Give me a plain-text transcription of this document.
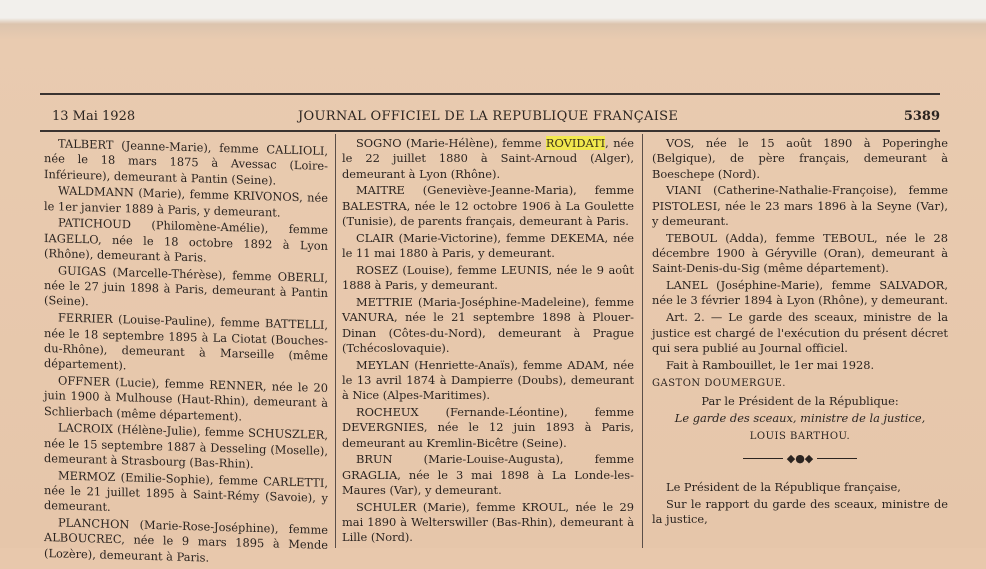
13 Mai 1928	JOURNAL OFFICIEL DE LA REPUBLIQUE FRANÇAISE	5389

TALBERT (Jeanne-Marie), femme CALLIOLI, née le 18 mars 1875 à Avessac (Loire-Inférieure), demeurant à Pantin (Seine).

WALDMANN (Marie), femme KRIVONOS, née le 1er janvier 1889 à Paris, y demeurant.

PATICHOUD (Philomène-Amélie), femme IAGELLO, née le 18 octobre 1892 à Lyon (Rhône), demeurant à Paris.

GUIGAS (Marcelle-Thérèse), femme OBERLI, née le 27 juin 1898 à Paris, demeurant à Pantin (Seine).

FERRIER (Louise-Pauline), femme BATTELLI, née le 18 septembre 1895 à La Ciotat (Bouches-du-Rhône), demeurant à Marseille (même département).

OFFNER (Lucie), femme RENNER, née le 20 juin 1900 à Mulhouse (Haut-Rhin), demeurant à Schlierbach (même département).

LACROIX (Hélène-Julie), femme SCHUSZLER, née le 15 septembre 1887 à Desseling (Moselle), demeurant à Strasbourg (Bas-Rhin).

MERMOZ (Emilie-Sophie), femme CARLETTI, née le 21 juillet 1895 à Saint-Rémy (Savoie), y demeurant.

PLANCHON (Marie-Rose-Joséphine), femme ALBOUCREC, née le 9 mars 1895 à Mende (Lozère), demeurant à Paris.

SOGNO (Marie-Hélène), femme ROVIDATI, née le 22 juillet 1880 à Saint-Arnoud (Alger), demeurant à Lyon (Rhône).

MAITRE (Geneviève-Jeanne-Maria), femme BALESTRA, née le 12 octobre 1906 à La Goulette (Tunisie), de parents français, demeurant à Paris.

CLAIR (Marie-Victorine), femme DEKEMA, née le 11 mai 1880 à Paris, y demeurant.

ROSEZ (Louise), femme LEUNIS, née le 9 août 1888 à Paris, y demeurant.

METTRIE (Maria-Joséphine-Madeleine), femme VANURA, née le 21 septembre 1898 à Plouer-Dinan (Côtes-du-Nord), demeurant à Prague (Tchécoslovaquie).

MEYLAN (Henriette-Anaïs), femme ADAM, née le 13 avril 1874 à Dampierre (Doubs), demeurant à Nice (Alpes-Maritimes).

ROCHEUX (Fernande-Léontine), femme DEVERGNIES, née le 12 juin 1893 à Paris, demeurant au Kremlin-Bicêtre (Seine).

BRUN (Marie-Louise-Augusta), femme GRAGLIA, née le 3 mai 1898 à La Londe-les-Maures (Var), y demeurant.

SCHULER (Marie), femme KROUL, née le 29 mai 1890 à Welterswiller (Bas-Rhin), demeurant à Lille (Nord).

VOS, née le 15 août 1890 à Poperinghe (Belgique), de père français, demeurant à Boeschepe (Nord).

VIANI (Catherine-Nathalie-Françoise), femme PISTOLESI, née le 23 mars 1896 à la Seyne (Var), y demeurant.

TEBOUL (Adda), femme TEBOUL, née le 28 décembre 1900 à Géryville (Oran), demeurant à Saint-Denis-du-Sig (même département).

LANEL (Joséphine-Marie), femme SALVADOR, née le 3 février 1894 à Lyon (Rhône), y demeurant.

Art. 2. — Le garde des sceaux, ministre de la justice est chargé de l'exécution du présent décret qui sera publié au Journal officiel.

Fait à Rambouillet, le 1er mai 1928.

GASTON DOUMERGUE.

Par le Président de la République:

Le garde des sceaux, ministre de la justice,

LOUIS BARTHOU.

◆●◆

Le Président de la République française,

Sur le rapport du garde des sceaux, ministre de la justice,
